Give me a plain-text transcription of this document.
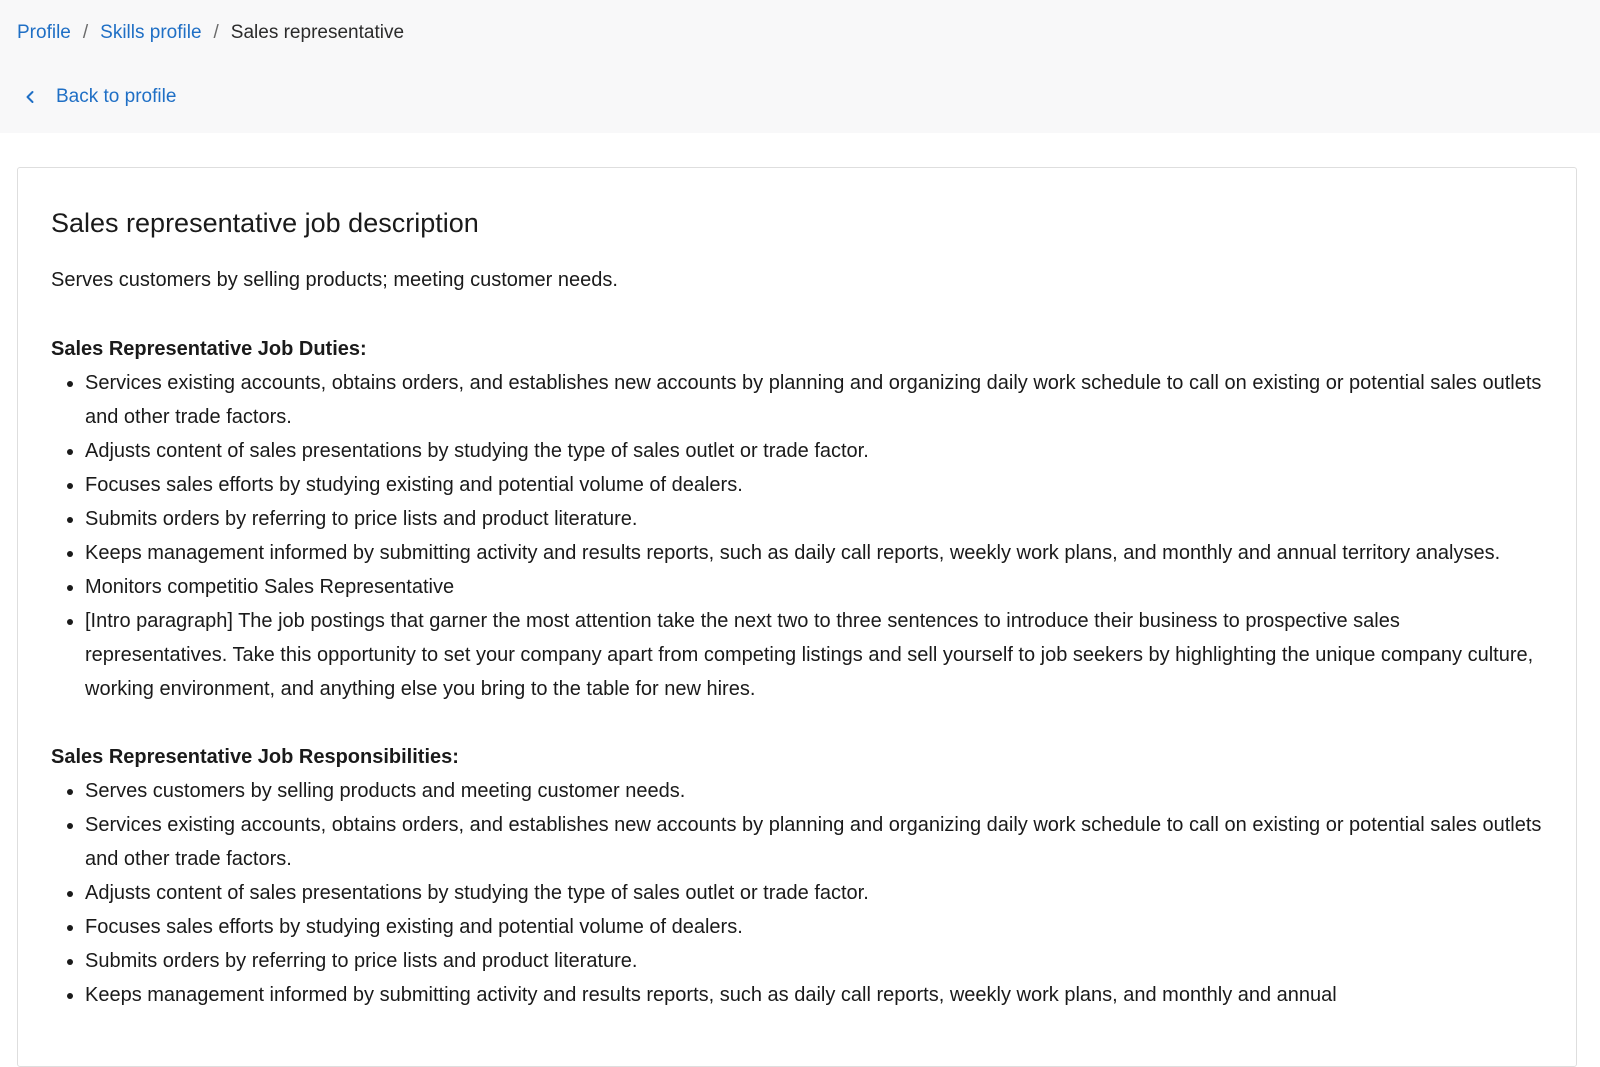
Profile / Skills profile / Sales representative
Back to profile
Sales representative job description

Serves customers by selling products; meeting customer needs.

Sales Representative Job Duties:
• Services existing accounts, obtains orders, and establishes new accounts by planning and organizing daily work schedule to call on existing or potential sales outlets and other trade factors.
• Adjusts content of sales presentations by studying the type of sales outlet or trade factor.
• Focuses sales efforts by studying existing and potential volume of dealers.
• Submits orders by referring to price lists and product literature.
• Keeps management informed by submitting activity and results reports, such as daily call reports, weekly work plans, and monthly and annual territory analyses.
• Monitors competitio Sales Representative
• [Intro paragraph] The job postings that garner the most attention take the next two to three sentences to introduce their business to prospective sales representatives. Take this opportunity to set your company apart from competing listings and sell yourself to job seekers by highlighting the unique company culture, working environment, and anything else you bring to the table for new hires.
Sales Representative Job Responsibilities:
• Serves customers by selling products and meeting customer needs.
• Services existing accounts, obtains orders, and establishes new accounts by planning and organizing daily work schedule to call on existing or potential sales outlets and other trade factors.
• Adjusts content of sales presentations by studying the type of sales outlet or trade factor.
• Focuses sales efforts by studying existing and potential volume of dealers.
• Submits orders by referring to price lists and product literature.
• Keeps management informed by submitting activity and results reports, such as daily call reports, weekly work plans, and monthly and annual
